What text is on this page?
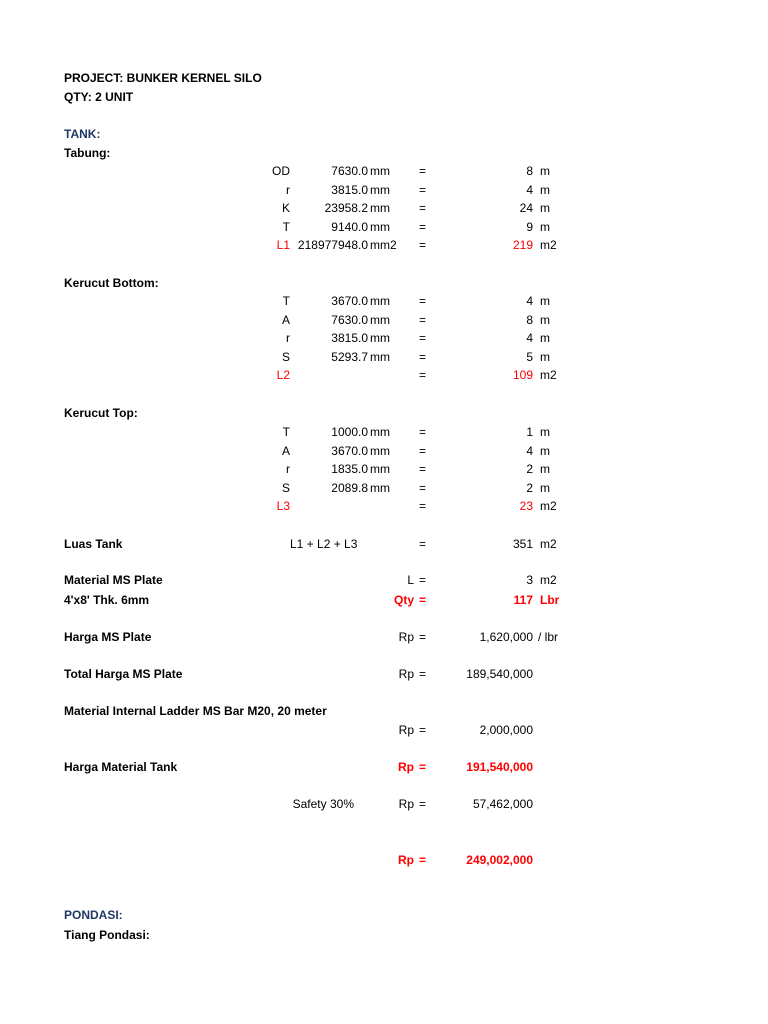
PROJECT: BUNKER KERNEL SILO
QTY: 2 UNIT
TANK:
Tabung:
OD	7630.0 mm =	8 m
r	3815.0 mm =	4 m
K	23958.2 mm =	24 m
T	9140.0 mm =	9 m
L1 218977948.0 mm2 =	219 m2
Kerucut Bottom:
T	3670.0 mm =	4 m
A	7630.0 mm =	8 m
r	3815.0 mm =	4 m
S	5293.7 mm =	5 m
L2	=	109 m2
Kerucut Top:
T	1000.0 mm =	1 m
A	3670.0 mm =	4 m
r	1835.0 mm =	2 m
S	2089.8 mm =	2 m
L3	=	23 m2
Luas Tank	L1 + L2 + L3	=	351 m2
Material MS Plate	L =	3 m2
4'x8' Thk. 6mm	Qty =	117 Lbr
Harga MS Plate	Rp =	1,620,000 / lbr
Total Harga MS Plate	Rp =	189,540,000
Material Internal Ladder MS Bar M20, 20 meter
Rp =	2,000,000
Harga Material Tank	Rp =	191,540,000
Safety 30%	Rp =	57,462,000
Rp =	249,002,000
PONDASI:
Tiang Pondasi:
